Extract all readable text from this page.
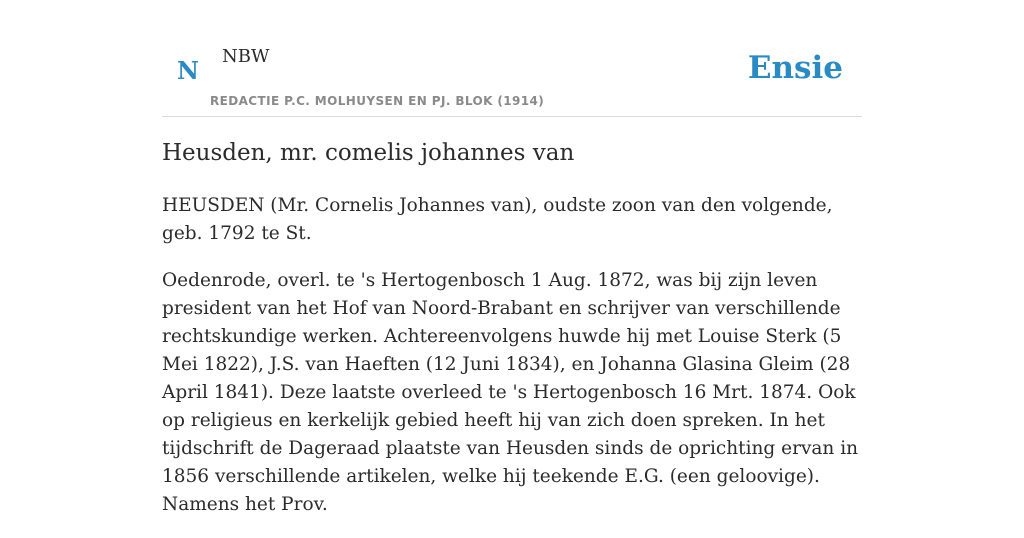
N NBW
REDACTIE P.C. MOLHUYSEN EN PJ. BLOK (1914)
Ensie
Heusden, mr. comelis johannes van

HEUSDEN (Mr. Cornelis Johannes van), oudste zoon van den volgende, geb. 1792 te St.

Oedenrode, overl. te 's Hertogenbosch 1 Aug. 1872, was bij zijn leven president van het Hof van Noord-Brabant en schrijver van verschillende rechtskundige werken. Achtereenvolgens huwde hij met Louise Sterk (5 Mei 1822), J.S. van Haeften (12 Juni 1834), en Johanna Glasina Gleim (28 April 1841). Deze laatste overleed te 's Hertogenbosch 16 Mrt. 1874. Ook op religieus en kerkelijk gebied heeft hij van zich doen spreken. In het tijdschrift de Dageraad plaatste van Heusden sinds de oprichting ervan in 1856 verschillende artikelen, welke hij teekende E.G. (een geloovige). Namens het Prov.
